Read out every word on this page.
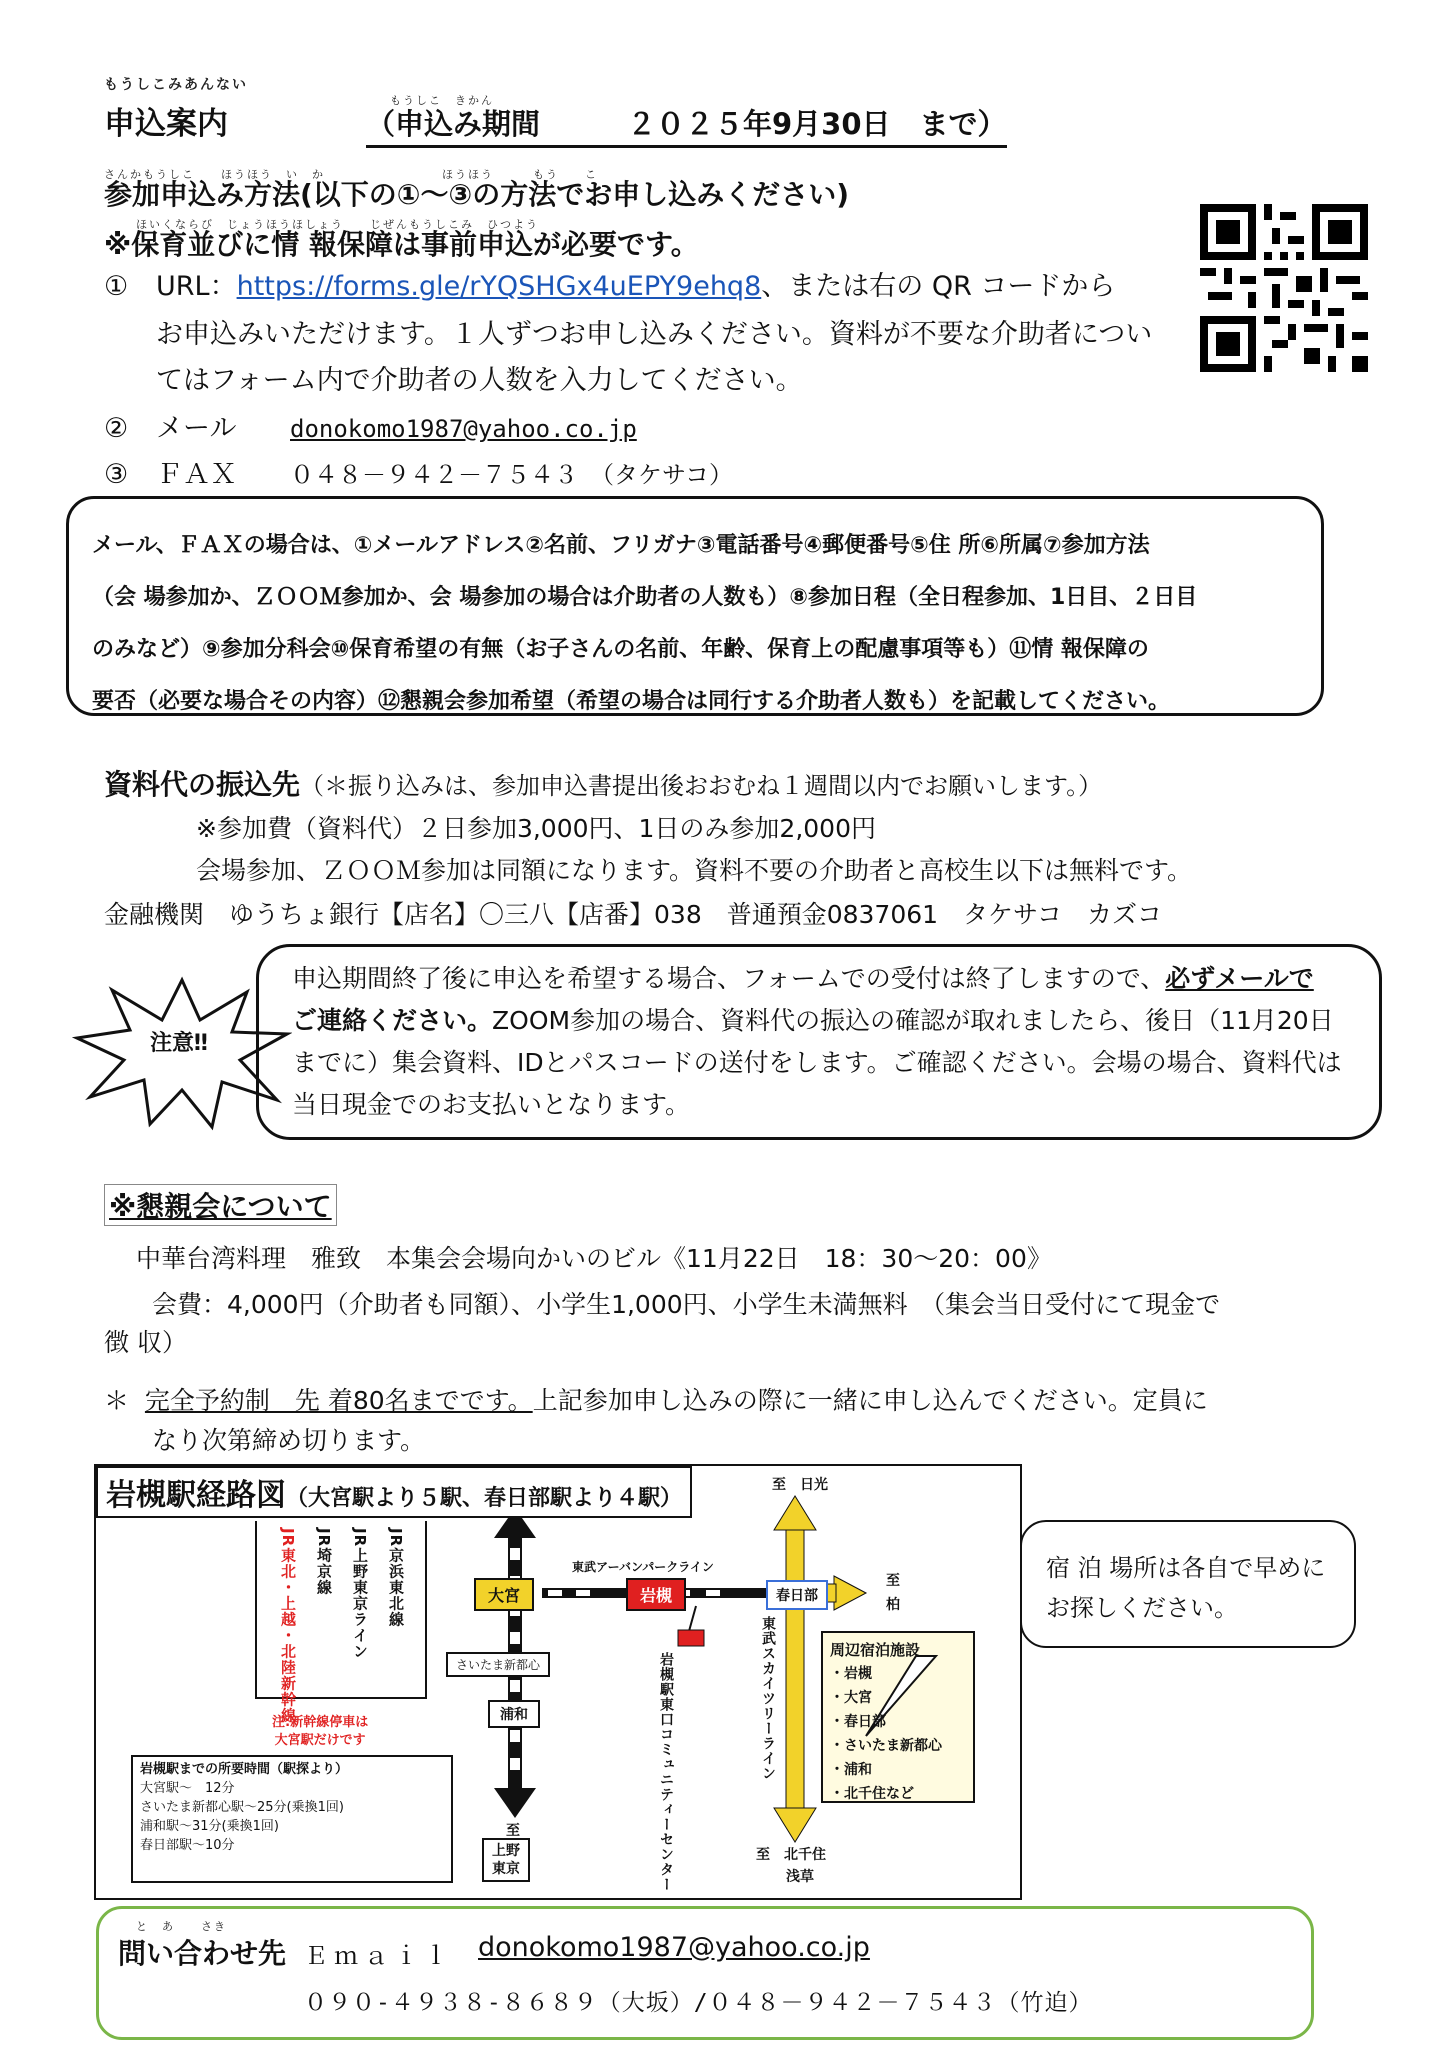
もうしこみあんない
申込案内
もうしこ　きかん
（申込み期間　　　２０２５年9月30日　まで）
さんかもうしこ　　ほうほう　い　か　　　　　　　　　ほうほう　　　もう　　こ
参加申込み方法(以下の①～③の方法でお申し込みください)
ほいくならび　じょうほうほしょう　　じぜんもうしこみ　ひつよう
※保育並びに情 報保障は事前申込が必要です。
① URL：https://forms.gle/rYQSHGx4uEPY9ehq8、または右の QR コードから
お申込みいただけます。１人ずつお申し込みください。資料が不要な介助者につい
てはフォーム内で介助者の人数を入力してください。
② メール donokomo1987@yahoo.co.jp
③ ＦＡＸ ０４８－９４２－７５４３　（タケサコ）
メール、ＦＡＸの場合は、①メールアドレス②名前、フリガナ③電話番号④郵便番号⑤住 所⑥所属⑦参加方法
（会 場参加か、ＺＯＯＭ参加か、会 場参加の場合は介助者の人数も）⑧参加日程（全日程参加、1日目、２日目
のみなど）⑨参加分科会⑩保育希望の有無（お子さんの名前、年齢、保育上の配慮事項等も）⑪情 報保障の
要否（必要な場合その内容）⑫懇親会参加希望（希望の場合は同行する介助者人数も）を記載してください。
資料代の振込先（＊振り込みは、参加申込書提出後おおむね１週間以内でお願いします。）
※参加費（資料代）２日参加3,000円、1日のみ参加2,000円
会場参加、ＺＯＯＭ参加は同額になります。資料不要の介助者と高校生以下は無料です。
金融機関　ゆうちょ銀行【店名】〇三八【店番】038　普通預金0837061　タケサコ　カズコ
注意‼
申込期間終了後に申込を希望する場合、フォームでの受付は終了しますので、必ずメールで
ご連絡ください。ZOOM参加の場合、資料代の振込の確認が取れましたら、後日（11月20日
までに）集会資料、IDとパスコードの送付をします。ご確認ください。会場の場合、資料代は
当日現金でのお支払いとなります。
※懇親会について
中華台湾料理　雅致　本集会会場向かいのビル《11月22日　18：30～20：00》
会費：4,000円（介助者も同額）、小学生1,000円、小学生未満無料　（集会当日受付にて現金で
徴 収）
＊ 完全予約制　先 着80名までです。上記参加申し込みの際に一緒に申し込んでください。定員に
なり次第締め切ります。
岩槻駅経路図（大宮駅より５駅、春日部駅より４駅）
JR京浜東北線
JR上野東京ライン
JR埼京線
JR東北・上越・北陸新幹線	大宮	岩槻	春日部
さいたま新都心
浦和
東武アーバンパークライン
東武スカイツリーライン
岩槻駅東口コミュニティーセンター
至　日光
至
柏
至
上野
東京
至　北千住
浅草
注:新幹線停車は
大宮駅だけです
岩槻駅までの所要時間（駅探より）
大宮駅～　12分
さいたま新都心駅～25分(乗換1回)
浦和駅～31分(乗換1回)
春日部駅～10分
周辺宿泊施設
・岩槻
・大宮
・春日部
・さいたま新都心
・浦和
・北千住など
宿 泊 場所は各自で早めに
お探しください。
と　あ　　さき
問い合わせ先 Ｅｍａｉｌ donokomo1987@yahoo.co.jp
０９０-４９３８-８６８９（大坂）/０４８－９４２－７５４３（竹迫）
